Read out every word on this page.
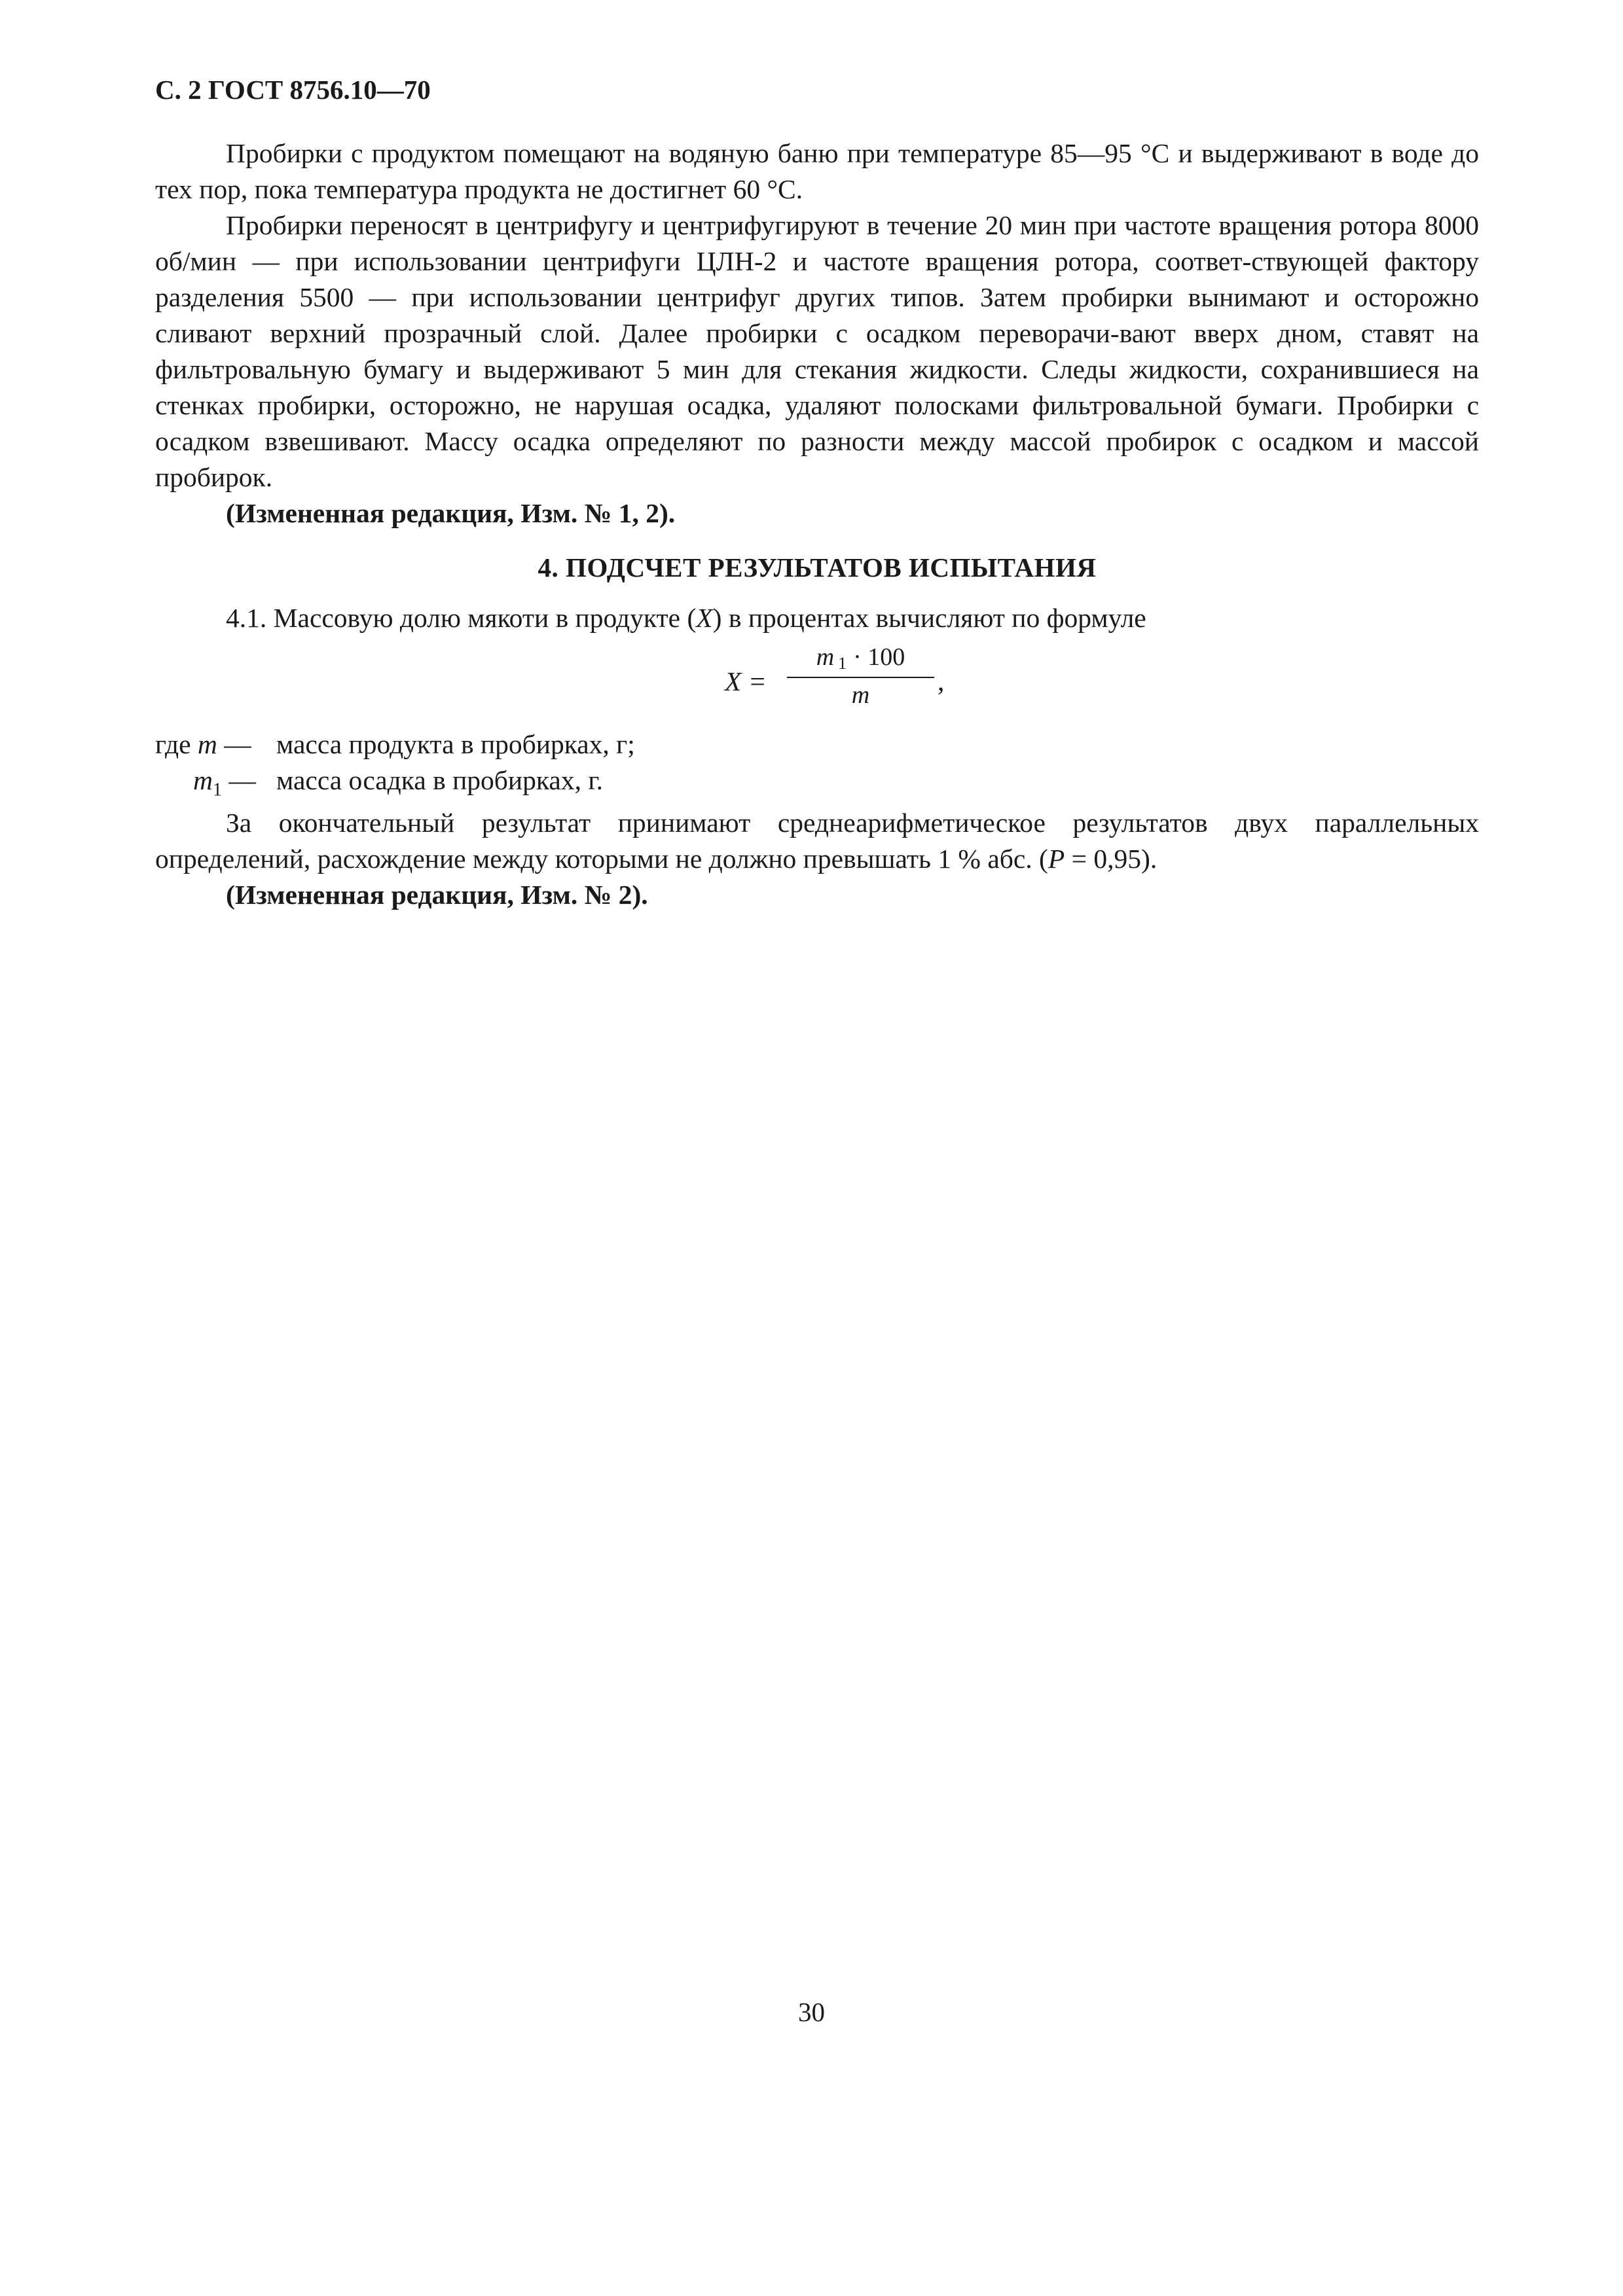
С. 2 ГОСТ 8756.10—70

Пробирки с продуктом помещают на водяную баню при температуре 85—95 °С и выдерживают в воде до тех пор, пока температура продукта не достигнет 60 °С.

Пробирки переносят в центрифугу и центрифугируют в течение 20 мин при частоте вращения ротора 8000 об/мин — при использовании центрифуги ЦЛН-2 и частоте вращения ротора, соответ-ствующей фактору разделения 5500 — при использовании центрифуг других типов. Затем пробирки вынимают и осторожно сливают верхний прозрачный слой. Далее пробирки с осадком переворачи-вают вверх дном, ставят на фильтровальную бумагу и выдерживают 5 мин для стекания жидкости. Следы жидкости, сохранившиеся на стенках пробирки, осторожно, не нарушая осадка, удаляют полосками фильтровальной бумаги. Пробирки с осадком взвешивают. Массу осадка определяют по разности между массой пробирок с осадком и массой пробирок.

(Измененная редакция, Изм. № 1, 2).
4. ПОДСЧЕТ РЕЗУЛЬТАТОВ ИСПЫТАНИЯ
4.1. Массовую долю мякоти в продукте (X) в процентах вычисляют по формуле
X =
m $_1$ · 100
m	,
где m — масса продукта в пробирках, г;
$m_1$ — масса осадка в пробирках, г.

За окончательный результат принимают среднеарифметическое результатов двух параллельных определений, расхождение между которыми не должно превышать 1 % абс. (P = 0,95).

(Измененная редакция, Изм. № 2).
30
